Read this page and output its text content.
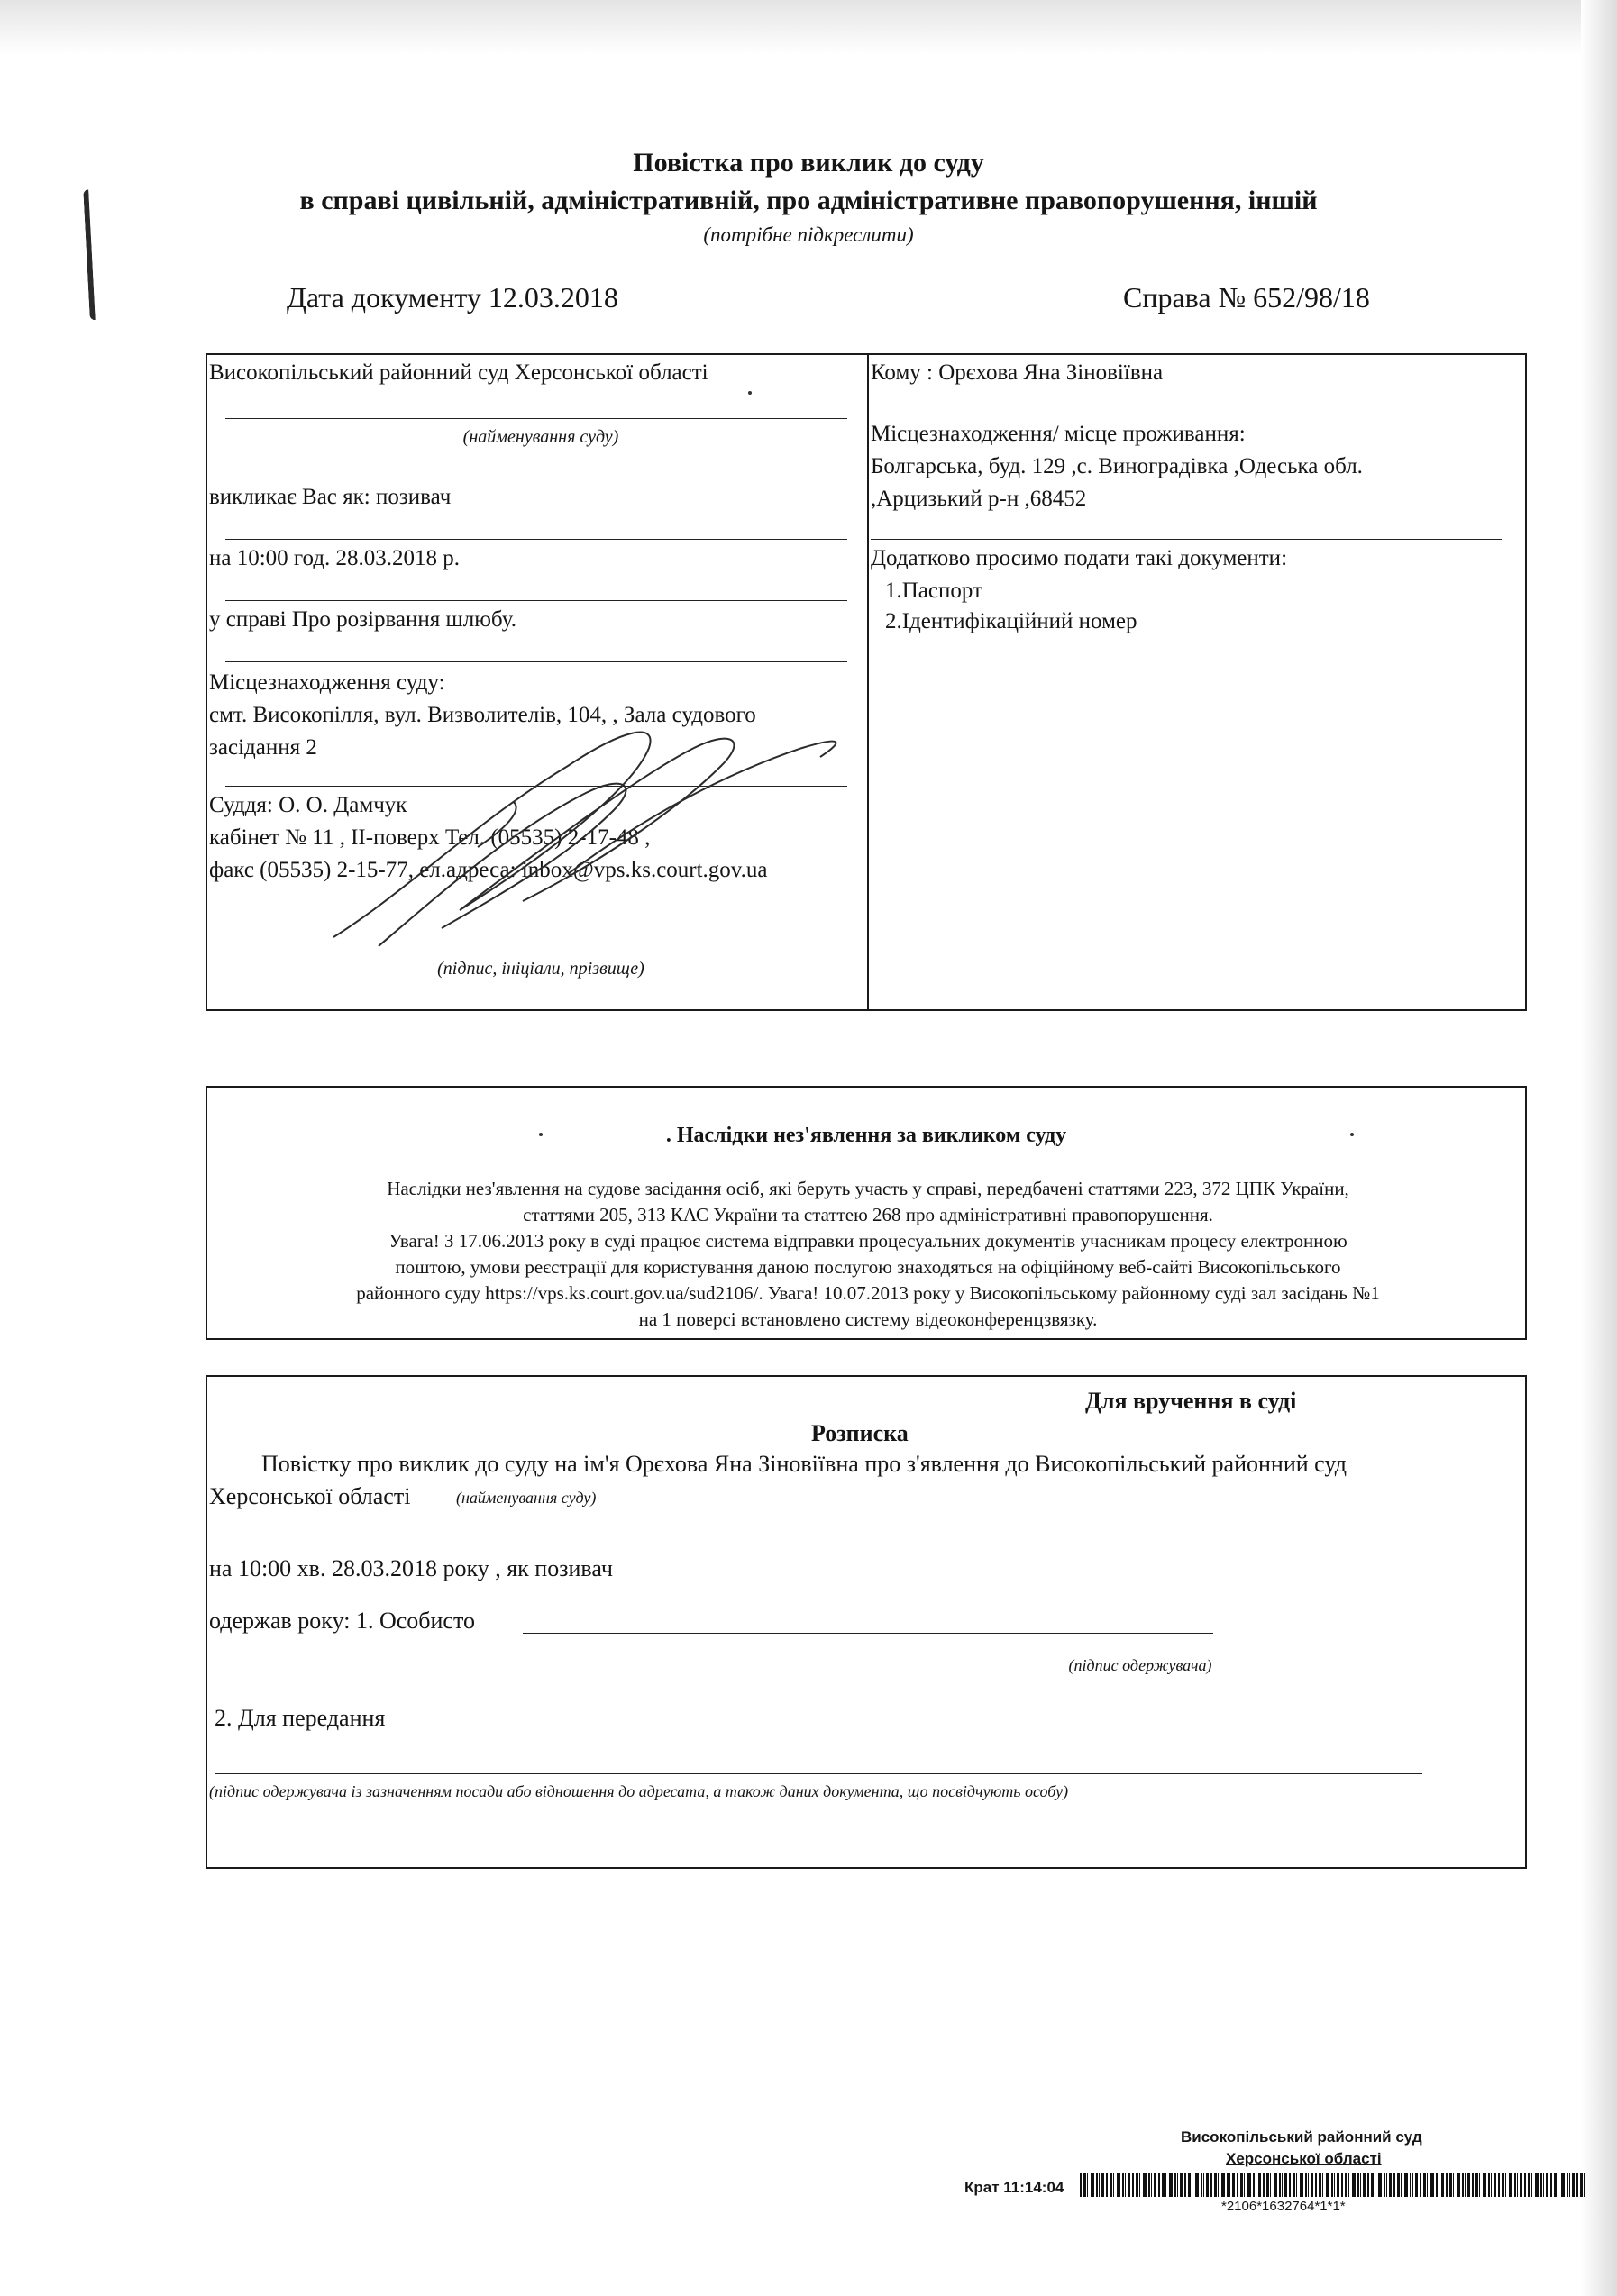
Повістка про виклик до суду
в справі цивільній, адміністративній, про адміністративне правопорушення, іншій
(потрібне підкреслити)
Дата документу 12.03.2018	Справа № 652/98/18
Високопільський районний суд Херсонської області
(найменування суду)
викликає Вас як: позивач
на 10:00 год. 28.03.2018 р.
у справі Про розірвання шлюбу.
Місцезнаходження суду:
смт. Високопілля, вул. Визволителів, 104, , Зала судового
засідання 2
Суддя: О. О. Дамчук
кабінет № 11 , II-поверх Тел. (05535) 2-17-48 ,
факс (05535) 2-15-77, ел.адреса: inbox@vps.ks.court.gov.ua
(підпис, ініціали, прізвище)
Кому : Орєхова Яна Зіновіївна
Місцезнаходження/ місце проживання:
Болгарська, буд. 129 ,с. Виноградівка ,Одеська обл.
,Арцизький р-н ,68452
Додатково просимо подати такі документи:
1.Паспорт
2.Ідентифікаційний номер
. Наслідки нез'явлення за викликом суду
Наслідки нез'явлення на судове засідання осіб, які беруть участь у справі, передбачені статтями 223, 372 ЦПК України,
статтями 205, 313 КАС України та статтею 268 про адміністративні правопорушення.
Увага! З 17.06.2013 року в суді працює система відправки процесуальних документів учасникам процесу електронною
поштою, умови реєстрації для користування даною послугою знаходяться на офіційному веб-сайті Високопільського
районного суду https://vps.ks.court.gov.ua/sud2106/. Увага! 10.07.2013 року у Високопільському районному суді зал засідань №1
на 1 поверсі встановлено систему відеоконференцзвязку.
Для вручення в суді
Розписка
Повістку про виклик до суду на ім'я Орєхова Яна Зіновіївна про з'явлення до Високопільський районний суд
Херсонської області	(найменування суду)
на 10:00 хв. 28.03.2018 року , як позивач
одержав року: 1. Особисто
(підпис одержувача)
2. Для передання
(підпис одержувача із зазначенням посади або відношення до адресата, а також даних документа, що посвідчують особу)
Високопільський районний суд
Херсонської області
Крат 11:14:04
*2106*1632764*1*1*
